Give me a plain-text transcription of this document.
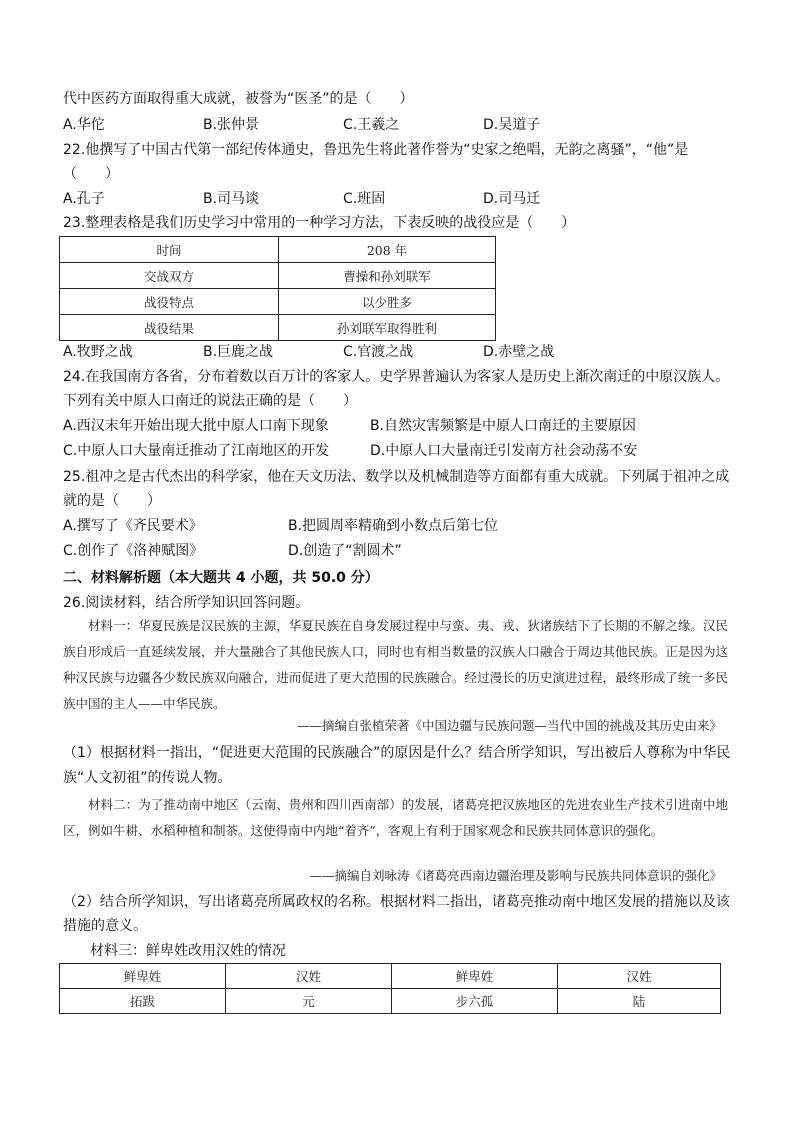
代中医药方面取得重大成就，被誉为“医圣”的是（　　）
A.华佗	B.张仲景	C.王羲之	D.吴道子
22.他撰写了中国古代第一部纪传体通史，鲁迅先生将此著作誉为“史家之绝唱，无韵之离骚”，“他”是
（　　）
A.孔子	B.司马谈	C.班固	D.司马迁
23.整理表格是我们历史学习中常用的一种学习方法，下表反映的战役应是（　　）
时间	208 年
交战双方	曹操和孙刘联军
战役特点	以少胜多
战役结果	孙刘联军取得胜利
A.牧野之战	B.巨鹿之战	C.官渡之战	D.赤壁之战
24.在我国南方各省，分布着数以百万计的客家人。史学界普遍认为客家人是历史上渐次南迁的中原汉族人。
下列有关中原人口南迁的说法正确的是（　　）
A.西汉末年开始出现大批中原人口南下现象	B.自然灾害频繁是中原人口南迁的主要原因
C.中原人口大量南迁推动了江南地区的开发	D.中原人口大量南迁引发南方社会动荡不安
25.祖冲之是古代杰出的科学家，他在天文历法、数学以及机械制造等方面都有重大成就。下列属于祖冲之成
就的是（　　）
A.撰写了《齐民要术》	B.把圆周率精确到小数点后第七位
C.创作了《洛神赋图》	D.创造了“割圆术”
二、材料解析题（本大题共 4 小题，共 50.0 分）
26.阅读材料，结合所学知识回答问题。
材料一：华夏民族是汉民族的主源，华夏民族在自身发展过程中与蛮、夷、戎、狄诸族结下了长期的不解之缘。汉民族自形成后一直延续发展，并大量融合了其他民族人口，同时也有相当数量的汉族人口融合于周边其他民族。正是因为这种汉民族与边疆各少数民族双向融合，进而促进了更大范围的民族融合。经过漫长的历史演进过程，最终形成了统一多民族中国的主人——中华民族。
——摘编自张植荣著《中国边疆与民族问题—当代中国的挑战及其历史由来》
（1）根据材料一指出，“促进更大范围的民族融合”的原因是什么？结合所学知识，写出被后人尊称为中华民
族“人文初祖”的传说人物。
材料二：为了推动南中地区（云南、贵州和四川西南部）的发展，诸葛亮把汉族地区的先进农业生产技术引进南中地区，例如牛耕、水稻种植和制茶。这使得南中内地“着齐”，客观上有利于国家观念和民族共同体意识的强化。
——摘编自刘咏涛《诸葛亮西南边疆治理及影响与民族共同体意识的强化》
（2）结合所学知识，写出诸葛亮所属政权的名称。根据材料二指出，诸葛亮推动南中地区发展的措施以及该
措施的意义。
材料三：鲜卑姓改用汉姓的情况
鲜卑姓	汉姓	鲜卑姓	汉姓
拓跋	元	步六孤	陆
